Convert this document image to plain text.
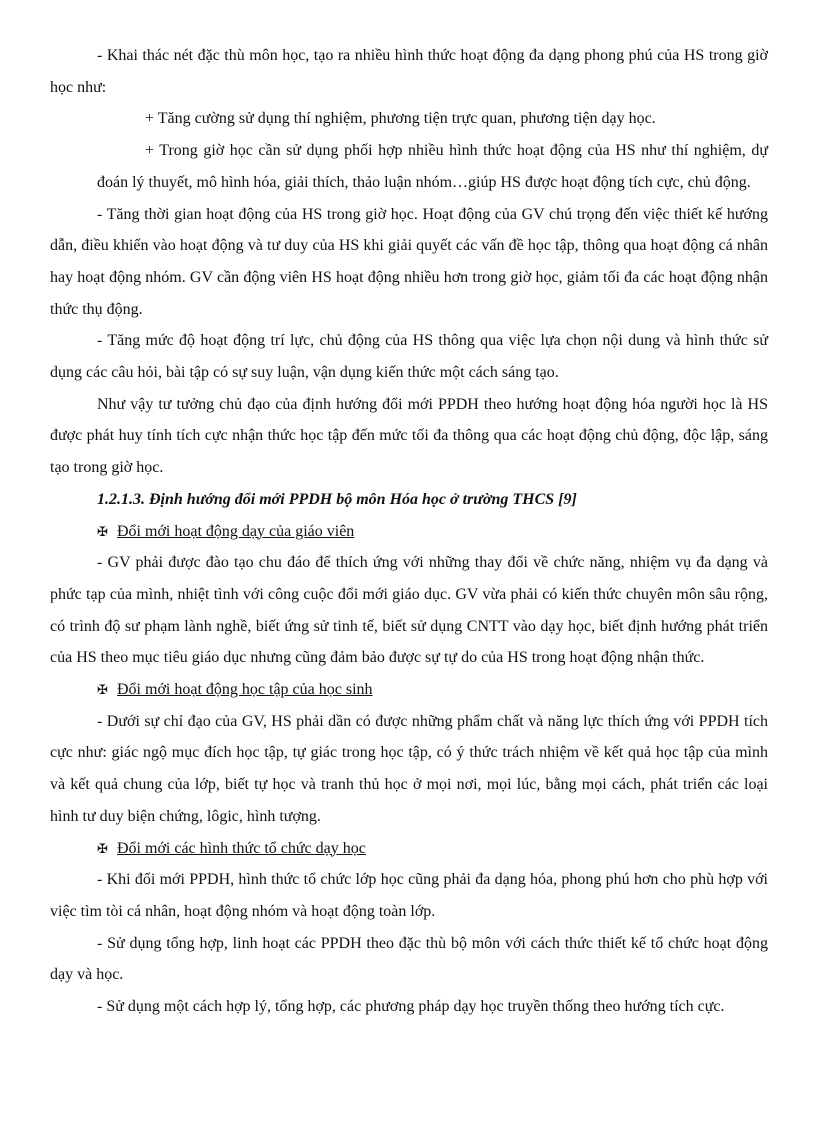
- Khai thác nét đặc thù môn học, tạo ra nhiều hình thức hoạt động đa dạng phong phú của HS trong giờ học như:

+ Tăng cường sử dụng thí nghiệm, phương tiện trực quan, phương tiện dạy học.

+ Trong giờ học cần sử dụng phối hợp nhiều hình thức hoạt động của HS như thí nghiệm, dự đoán lý thuyết, mô hình hóa, giải thích, thảo luận nhóm…giúp HS được hoạt động tích cực, chủ động.

- Tăng thời gian hoạt động của HS trong giờ học. Hoạt động của GV chú trọng đến việc thiết kế hướng dẫn, điều khiển vào hoạt động và tư duy của HS khi giải quyết các vấn đề học tập, thông qua hoạt động cá nhân hay hoạt động nhóm. GV cần động viên HS hoạt động nhiều hơn trong giờ học, giảm tối đa các hoạt động nhận thức thụ động.

- Tăng mức độ hoạt động trí lực, chủ động của HS thông qua việc lựa chọn nội dung và hình thức sử dụng các câu hỏi, bài tập có sự suy luận, vận dụng kiến thức một cách sáng tạo.

Như vậy tư tưởng chủ đạo của định hướng đổi mới PPDH theo hướng hoạt động hóa người học là HS được phát huy tính tích cực nhận thức học tập đến mức tối đa thông qua các hoạt động chủ động, độc lập, sáng tạo trong giờ học.

1.2.1.3. Định hướng đổi mới PPDH bộ môn Hóa học ở trường THCS [9]

✠ Đổi mới hoạt động dạy của giáo viên

- GV phải được đào tạo chu đáo để thích ứng với những thay đổi về chức năng, nhiệm vụ đa dạng và phức tạp của mình, nhiệt tình với công cuộc đổi mới giáo dục. GV vừa phải có kiến thức chuyên môn sâu rộng, có trình độ sư phạm lành nghề, biết ứng sử tinh tế, biết sử dụng CNTT vào dạy học, biết định hướng phát triển của HS theo mục tiêu giáo dục nhưng cũng đảm bảo được sự tự do của HS trong hoạt động nhận thức.

✠ Đổi mới hoạt động học tập của học sinh

- Dưới sự chỉ đạo của GV, HS phải dần có được những phẩm chất và năng lực thích ứng với PPDH tích cực như: giác ngộ mục đích học tập, tự giác trong học tập, có ý thức trách nhiệm về kết quả học tập của mình và kết quả chung của lớp, biết tự học và tranh thủ học ở mọi nơi, mọi lúc, bằng mọi cách, phát triển các loại hình tư duy biện chứng, lôgic, hình tượng.

✠ Đổi mới các hình thức tổ chức dạy học

- Khi đổi mới PPDH, hình thức tổ chức lớp học cũng phải đa dạng hóa, phong phú hơn cho phù hợp với việc tìm tòi cá nhân, hoạt động nhóm và hoạt động toàn lớp.

- Sử dụng tổng hợp, linh hoạt các PPDH theo đặc thù bộ môn với cách thức thiết kế tổ chức hoạt động dạy và học.

- Sử dụng một cách hợp lý, tổng hợp, các phương pháp dạy học truyền thống theo hướng tích cực.
